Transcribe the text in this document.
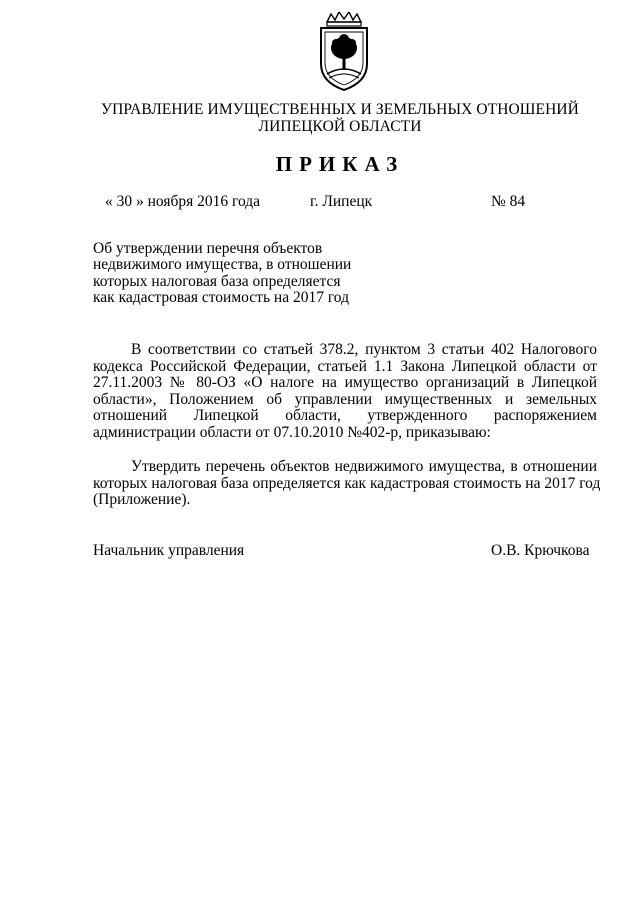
УПРАВЛЕНИЕ ИМУЩЕСТВЕННЫХ И ЗЕМЕЛЬНЫХ ОТНОШЕНИЙ
ЛИПЕЦКОЙ ОБЛАСТИ
ПРИКАЗ
« 30 » ноября 2016 года	г. Липецк	№ 84
Об утверждении перечня объектов
недвижимого имущества, в отношении
которых налоговая база определяется
как кадастровая стоимость на 2017 год
В соответствии со статьей 378.2, пунктом 3 статьи 402 Налогового
кодекса Российской Федерации, статьей 1.1 Закона Липецкой области от
27.11.2003 № 80-ОЗ «О налоге на имущество организаций в Липецкой
области», Положением об управлении имущественных и земельных
отношений Липецкой области, утвержденного распоряжением
администрации области от 07.10.2010 №402-р, приказываю:
Утвердить перечень объектов недвижимого имущества, в отношении
которых налоговая база определяется как кадастровая стоимость на 2017 год
(Приложение).
Начальник управления	О.В. Крючкова
